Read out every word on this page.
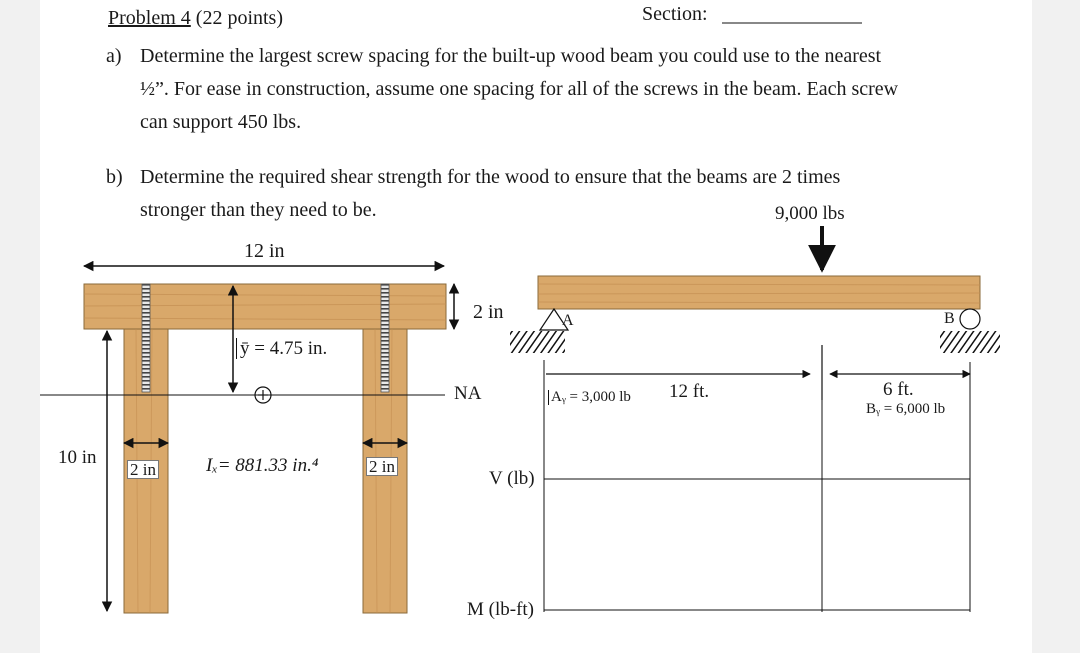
Problem 4 (22 points)	Section:
a) Determine the largest screw spacing for the built-up wood beam you could use to the nearest
½”. For ease in construction, assume one spacing for all of the screws in the beam. Each screw
can support 450 lbs.
b) Determine the required shear strength for the wood to ensure that the beams are 2 times
stronger than they need to be.	9,000 lbs
12 in
2 in
ȳ = 4.75 in.
NA
10 in
2 in	2 in
Iₓ= 881.33 in.⁴
A	B
Aᵧ = 3,000 lb 12 ft.	6 ft.
Bᵧ = 6,000 lb
V (lb)
M (lb-ft)
